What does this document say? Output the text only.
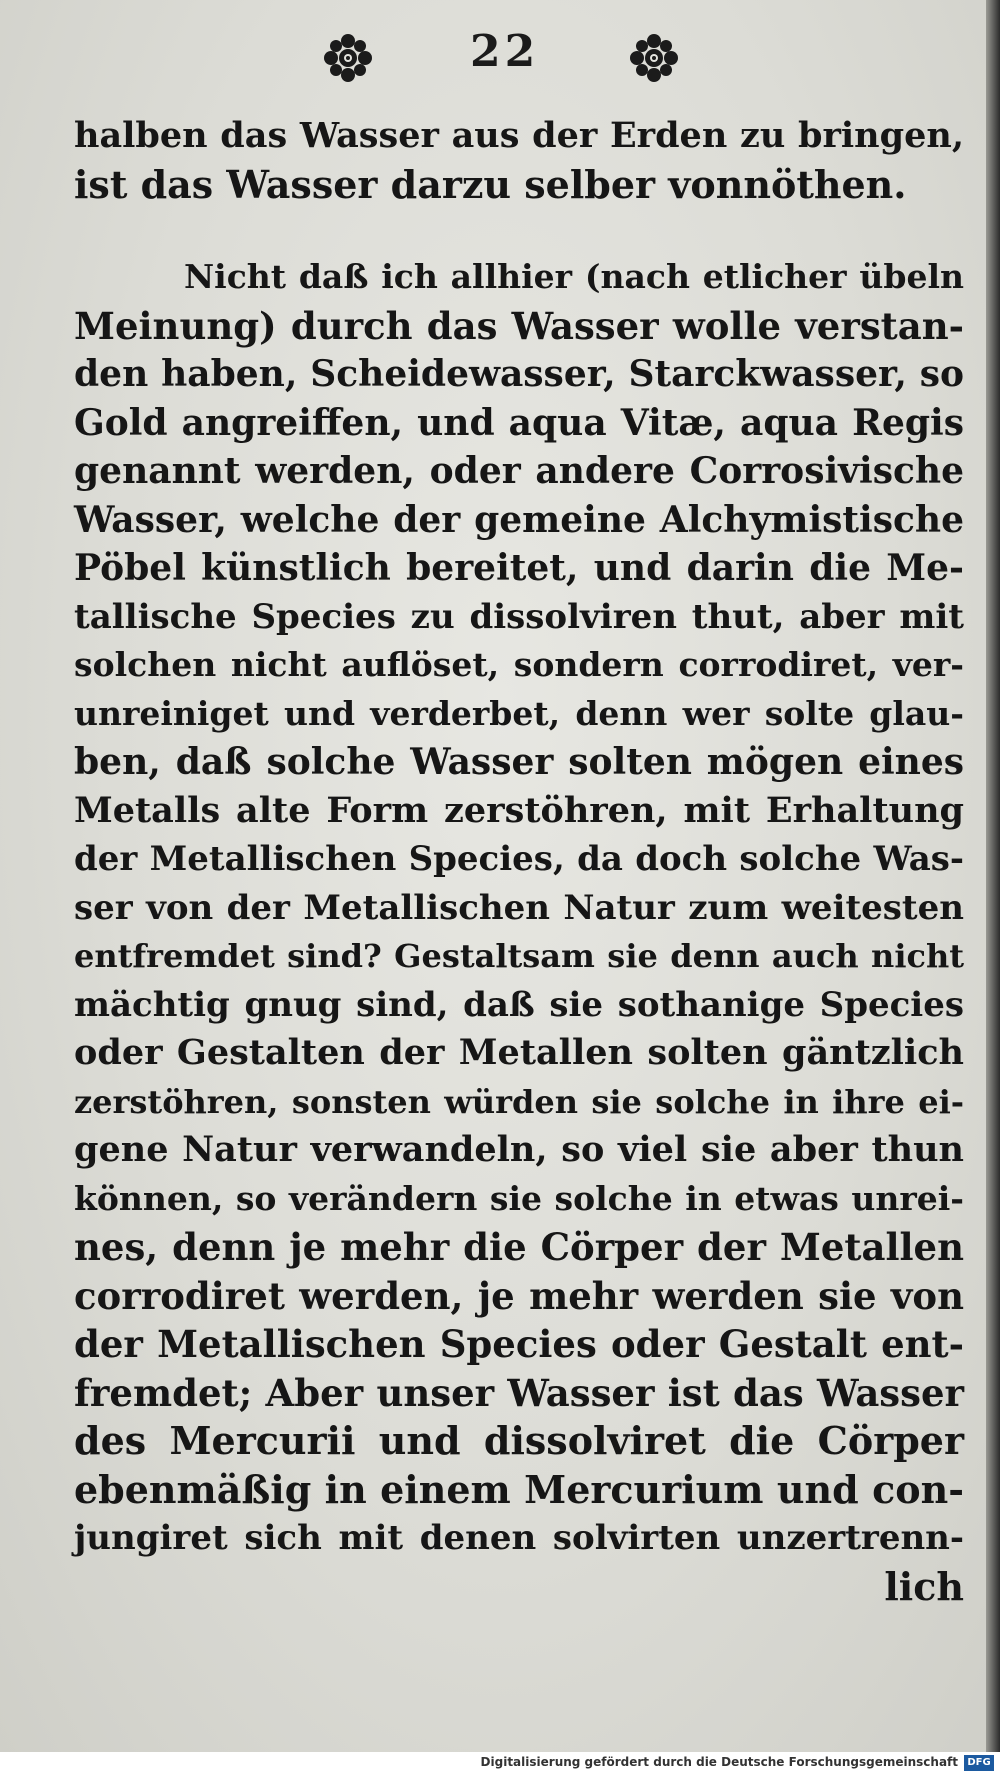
22
halben das Wasser aus der Erden zu bringen,
ist das Wasser darzu selber vonnöthen.
Nicht daß ich allhier (nach etlicher übeln
Meinung) durch das Wasser wolle verstan-
den haben, Scheidewasser, Starckwasser, so
Gold angreiffen, und aqua Vitæ, aqua Regis
genannt werden, oder andere Corrosivische
Wasser, welche der gemeine Alchymistische
Pöbel künstlich bereitet, und darin die Me-
tallische Species zu dissolviren thut, aber mit
solchen nicht auflöset, sondern corrodiret, ver-
unreiniget und verderbet, denn wer solte glau-
ben, daß solche Wasser solten mögen eines
Metalls alte Form zerstöhren, mit Erhaltung
der Metallischen Species, da doch solche Was-
ser von der Metallischen Natur zum weitesten
entfremdet sind? Gestaltsam sie denn auch nicht
mächtig gnug sind, daß sie sothanige Species
oder Gestalten der Metallen solten gäntzlich
zerstöhren, sonsten würden sie solche in ihre ei-
gene Natur verwandeln, so viel sie aber thun
können, so verändern sie solche in etwas unrei-
nes, denn je mehr die Cörper der Metallen
corrodiret werden, je mehr werden sie von
der Metallischen Species oder Gestalt ent-
fremdet; Aber unser Wasser ist das Wasser
des Mercurii und dissolviret die Cörper
ebenmäßig in einem Mercurium und con-
jungiret sich mit denen solvirten unzertrenn-
lich
Digitalisierung gefördert durch die Deutsche Forschungsgemeinschaft DFG
